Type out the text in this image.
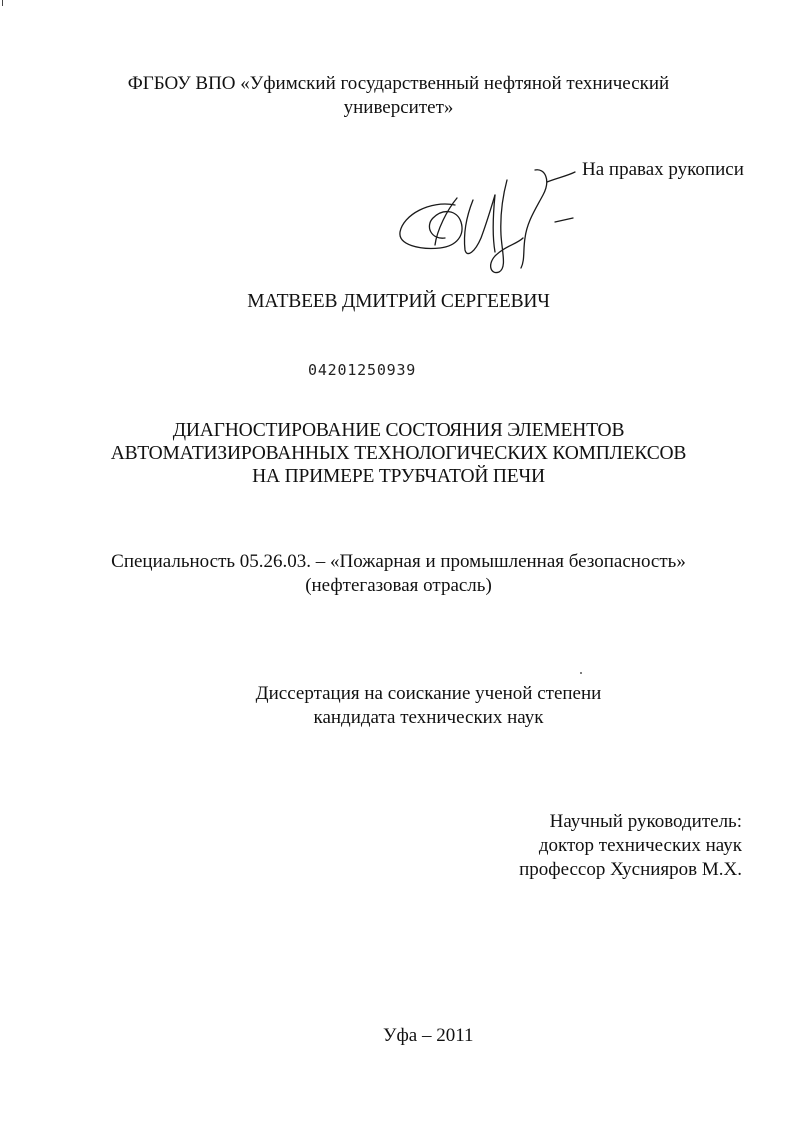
ФГБОУ ВПО «Уфимский государственный нефтяной технический
университет»
На правах рукописи
МАТВЕЕВ ДМИТРИЙ СЕРГЕЕВИЧ
04201250939
ДИАГНОСТИРОВАНИЕ СОСТОЯНИЯ ЭЛЕМЕНТОВ
АВТОМАТИЗИРОВАННЫХ ТЕХНОЛОГИЧЕСКИХ КОМПЛЕКСОВ
НА ПРИМЕРЕ ТРУБЧАТОЙ ПЕЧИ
Специальность 05.26.03. – «Пожарная и промышленная безопасность»
(нефтегазовая отрасль)
Диссертация на соискание ученой степени
кандидата технических наук
Научный руководитель:
доктор технических наук
профессор Хуснияров М.Х.
Уфа – 2011
